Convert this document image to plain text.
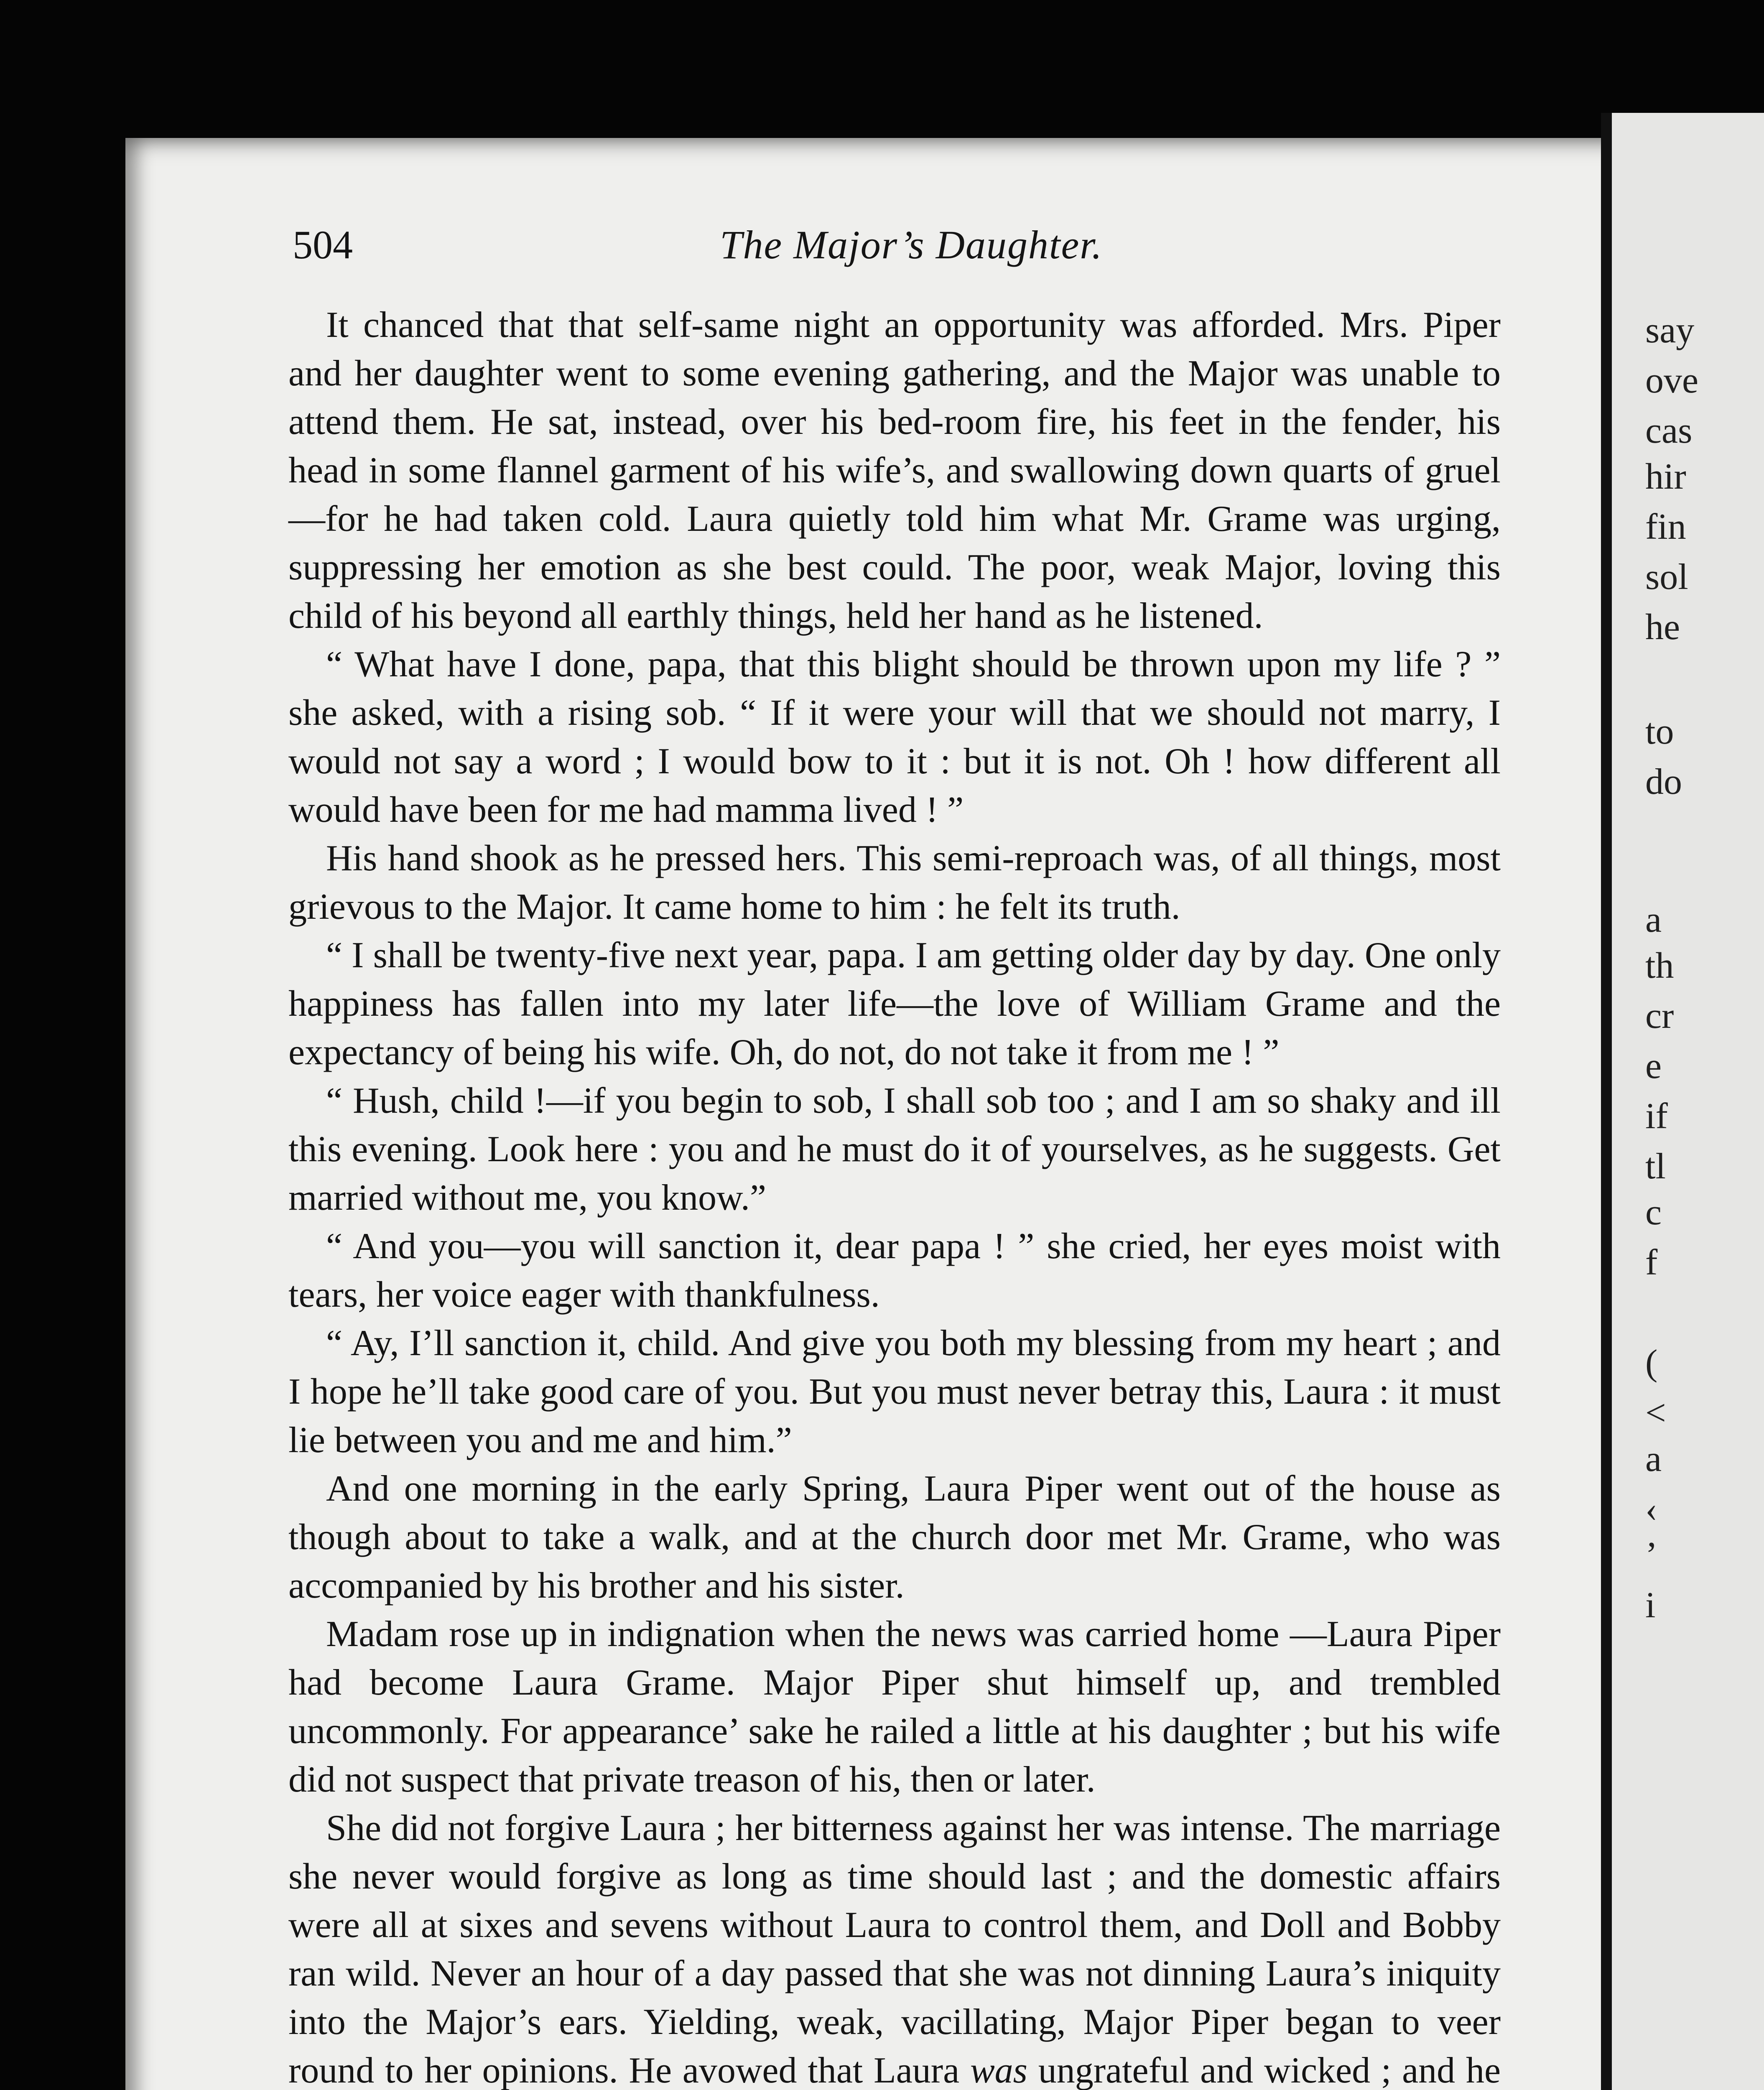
say
ove
cas
hir
fin
sol
he
to
do
a
th
cr
e
if
tl
c
f
(
<
a
‹
’
i
504	The Major’s Daughter.

It chanced that that self-same night an opportunity was afforded. Mrs. Piper and her daughter went to some evening gathering, and the Major was unable to attend them. He sat, instead, over his bed-room fire, his feet in the fender, his head in some flannel garment of his wife’s, and swallowing down quarts of gruel—for he had taken cold. Laura quietly told him what Mr. Grame was urging, suppressing her emotion as she best could. The poor, weak Major, loving this child of his beyond all earthly things, held her hand as he listened.

“ What have I done, papa, that this blight should be thrown upon my life ? ” she asked, with a rising sob. “ If it were your will that we should not marry, I would not say a word ; I would bow to it : but it is not. Oh ! how different all would have been for me had mamma lived ! ”

His hand shook as he pressed hers. This semi-reproach was, of all things, most grievous to the Major. It came home to him : he felt its truth.

“ I shall be twenty-five next year, papa. I am getting older day by day. One only happiness has fallen into my later life—the love of William Grame and the expectancy of being his wife. Oh, do not, do not take it from me ! ”

“ Hush, child !—if you begin to sob, I shall sob too ; and I am so shaky and ill this evening. Look here : you and he must do it of yourselves, as he suggests. Get married without me, you know.”

“ And you—you will sanction it, dear papa ! ” she cried, her eyes moist with tears, her voice eager with thankfulness.

“ Ay, I’ll sanction it, child. And give you both my blessing from my heart ; and I hope he’ll take good care of you. But you must never betray this, Laura : it must lie between you and me and him.”

And one morning in the early Spring, Laura Piper went out of the house as though about to take a walk, and at the church door met Mr. Grame, who was accompanied by his brother and his sister.

Madam rose up in indignation when the news was carried home —Laura Piper had become Laura Grame. Major Piper shut himself up, and trembled uncommonly. For appearance’ sake he railed a little at his daughter ; but his wife did not suspect that private treason of his, then or later.

She did not forgive Laura ; her bitterness against her was intense. The marriage she never would forgive as long as time should last ; and the domestic affairs were all at sixes and sevens without Laura to control them, and Doll and Bobby ran wild. Never an hour of a day passed that she was not dinning Laura’s iniquity into the Major’s ears. Yielding, weak, vacillating, Major Piper began to veer round to her opinions. He avowed that Laura was ungrateful and wicked ; and he
